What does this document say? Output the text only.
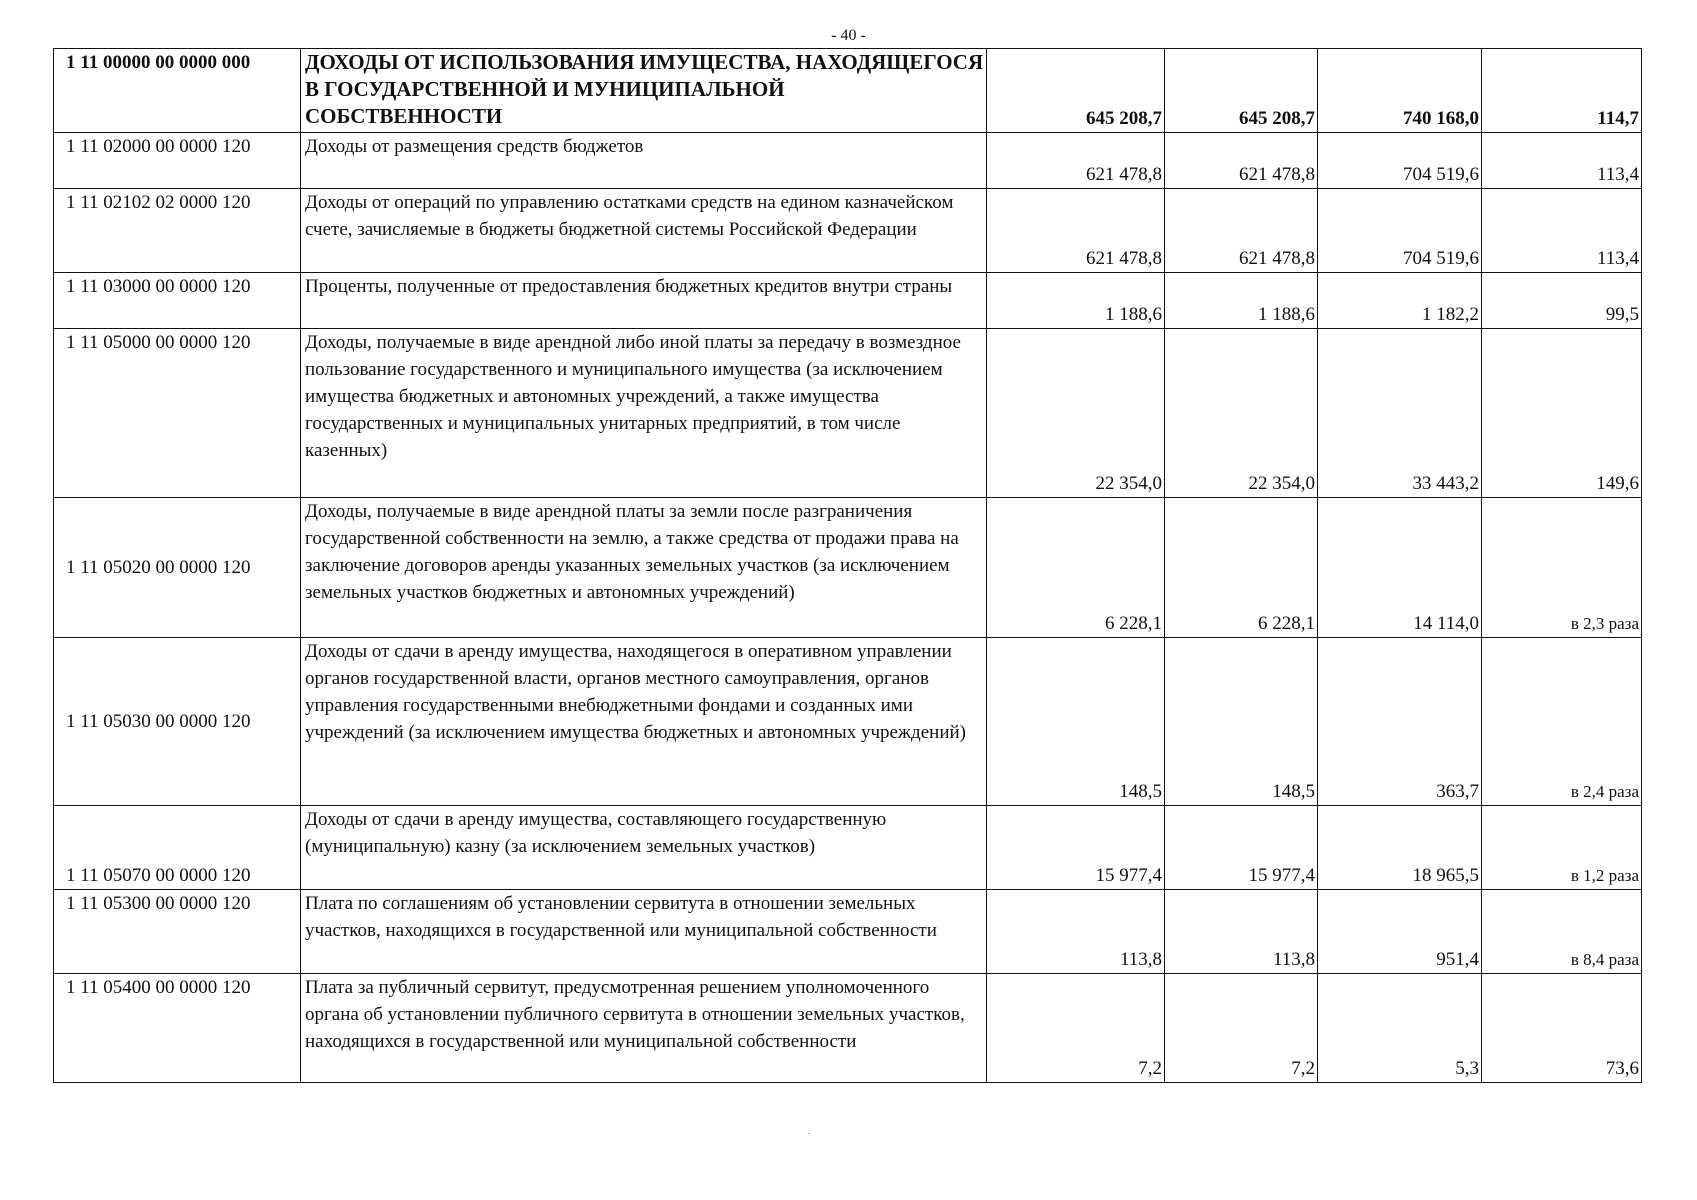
- 40 -
1 11 00000 00 0000 000	ДОХОДЫ ОТ ИСПОЛЬЗОВАНИЯ ИМУЩЕСТВА, НАХОДЯЩЕГОСЯ В ГОСУДАРСТВЕННОЙ И МУНИЦИПАЛЬНОЙ СОБСТВЕННОСТИ	645 208,7	645 208,7	740 168,0	114,7
1 11 02000 00 0000 120	Доходы от размещения средств бюджетов	621 478,8	621 478,8	704 519,6	113,4
1 11 02102 02 0000 120	Доходы от операций по управлению остатками средств на едином казначейском счете, зачисляемые в бюджеты бюджетной системы Российской Федерации	621 478,8	621 478,8	704 519,6	113,4
1 11 03000 00 0000 120	Проценты, полученные от предоставления бюджетных кредитов внутри страны	1 188,6	1 188,6	1 182,2	99,5
1 11 05000 00 0000 120	Доходы, получаемые в виде арендной либо иной платы за передачу в возмездное пользование государственного и муниципального имущества (за исключением имущества бюджетных и автономных учреждений, а также имущества государственных и муниципальных унитарных предприятий, в том числе казенных)	22 354,0	22 354,0	33 443,2	149,6
1 11 05020 00 0000 120	Доходы, получаемые в виде арендной платы за земли после разграничения государственной собственности на землю, а также средства от продажи права на заключение договоров аренды указанных земельных участков (за исключением земельных участков бюджетных и автономных учреждений)	6 228,1	6 228,1	14 114,0	в 2,3 раза
1 11 05030 00 0000 120	Доходы от сдачи в аренду имущества, находящегося в оперативном управлении органов государственной власти, органов местного самоуправления, органов управления государственными внебюджетными фондами и созданных ими учреждений (за исключением имущества бюджетных и автономных учреждений)	148,5	148,5	363,7	в 2,4 раза
1 11 05070 00 0000 120	Доходы от сдачи в аренду имущества, составляющего государственную (муниципальную) казну (за исключением земельных участков)	15 977,4	15 977,4	18 965,5	в 1,2 раза
1 11 05300 00 0000 120	Плата по соглашениям об установлении сервитута в отношении земельных участков, находящихся в государственной или муниципальной собственности	113,8	113,8	951,4	в 8,4 раза
1 11 05400 00 0000 120	Плата за публичный сервитут, предусмотренная решением уполномоченного органа об установлении публичного сервитута в отношении земельных участков, находящихся в государственной или муниципальной собственности	7,2	7,2	5,3	73,6
